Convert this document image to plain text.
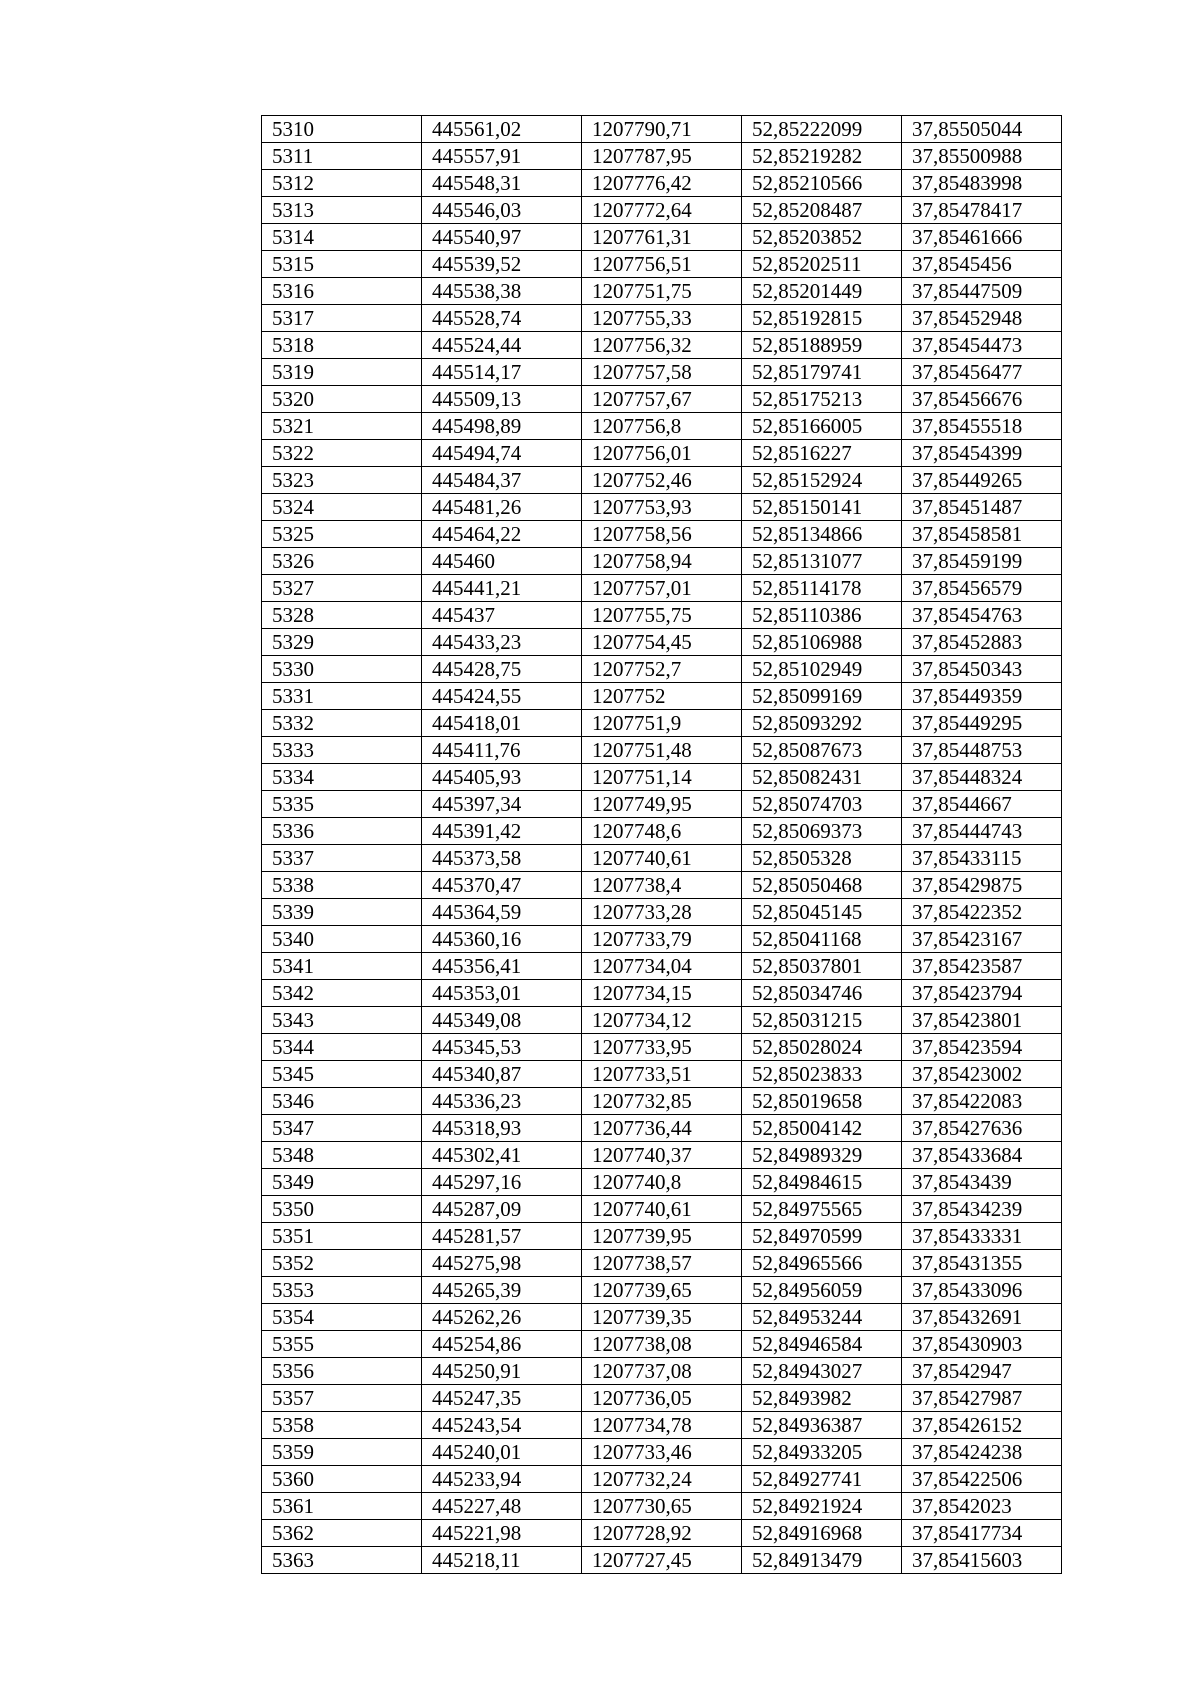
5310	445561,02	1207790,71	52,85222099	37,85505044
5311	445557,91	1207787,95	52,85219282	37,85500988
5312	445548,31	1207776,42	52,85210566	37,85483998
5313	445546,03	1207772,64	52,85208487	37,85478417
5314	445540,97	1207761,31	52,85203852	37,85461666
5315	445539,52	1207756,51	52,85202511	37,8545456
5316	445538,38	1207751,75	52,85201449	37,85447509
5317	445528,74	1207755,33	52,85192815	37,85452948
5318	445524,44	1207756,32	52,85188959	37,85454473
5319	445514,17	1207757,58	52,85179741	37,85456477
5320	445509,13	1207757,67	52,85175213	37,85456676
5321	445498,89	1207756,8	52,85166005	37,85455518
5322	445494,74	1207756,01	52,8516227	37,85454399
5323	445484,37	1207752,46	52,85152924	37,85449265
5324	445481,26	1207753,93	52,85150141	37,85451487
5325	445464,22	1207758,56	52,85134866	37,85458581
5326	445460	1207758,94	52,85131077	37,85459199
5327	445441,21	1207757,01	52,85114178	37,85456579
5328	445437	1207755,75	52,85110386	37,85454763
5329	445433,23	1207754,45	52,85106988	37,85452883
5330	445428,75	1207752,7	52,85102949	37,85450343
5331	445424,55	1207752	52,85099169	37,85449359
5332	445418,01	1207751,9	52,85093292	37,85449295
5333	445411,76	1207751,48	52,85087673	37,85448753
5334	445405,93	1207751,14	52,85082431	37,85448324
5335	445397,34	1207749,95	52,85074703	37,8544667
5336	445391,42	1207748,6	52,85069373	37,85444743
5337	445373,58	1207740,61	52,8505328	37,85433115
5338	445370,47	1207738,4	52,85050468	37,85429875
5339	445364,59	1207733,28	52,85045145	37,85422352
5340	445360,16	1207733,79	52,85041168	37,85423167
5341	445356,41	1207734,04	52,85037801	37,85423587
5342	445353,01	1207734,15	52,85034746	37,85423794
5343	445349,08	1207734,12	52,85031215	37,85423801
5344	445345,53	1207733,95	52,85028024	37,85423594
5345	445340,87	1207733,51	52,85023833	37,85423002
5346	445336,23	1207732,85	52,85019658	37,85422083
5347	445318,93	1207736,44	52,85004142	37,85427636
5348	445302,41	1207740,37	52,84989329	37,85433684
5349	445297,16	1207740,8	52,84984615	37,8543439
5350	445287,09	1207740,61	52,84975565	37,85434239
5351	445281,57	1207739,95	52,84970599	37,85433331
5352	445275,98	1207738,57	52,84965566	37,85431355
5353	445265,39	1207739,65	52,84956059	37,85433096
5354	445262,26	1207739,35	52,84953244	37,85432691
5355	445254,86	1207738,08	52,84946584	37,85430903
5356	445250,91	1207737,08	52,84943027	37,8542947
5357	445247,35	1207736,05	52,8493982	37,85427987
5358	445243,54	1207734,78	52,84936387	37,85426152
5359	445240,01	1207733,46	52,84933205	37,85424238
5360	445233,94	1207732,24	52,84927741	37,85422506
5361	445227,48	1207730,65	52,84921924	37,8542023
5362	445221,98	1207728,92	52,84916968	37,85417734
5363	445218,11	1207727,45	52,84913479	37,85415603
